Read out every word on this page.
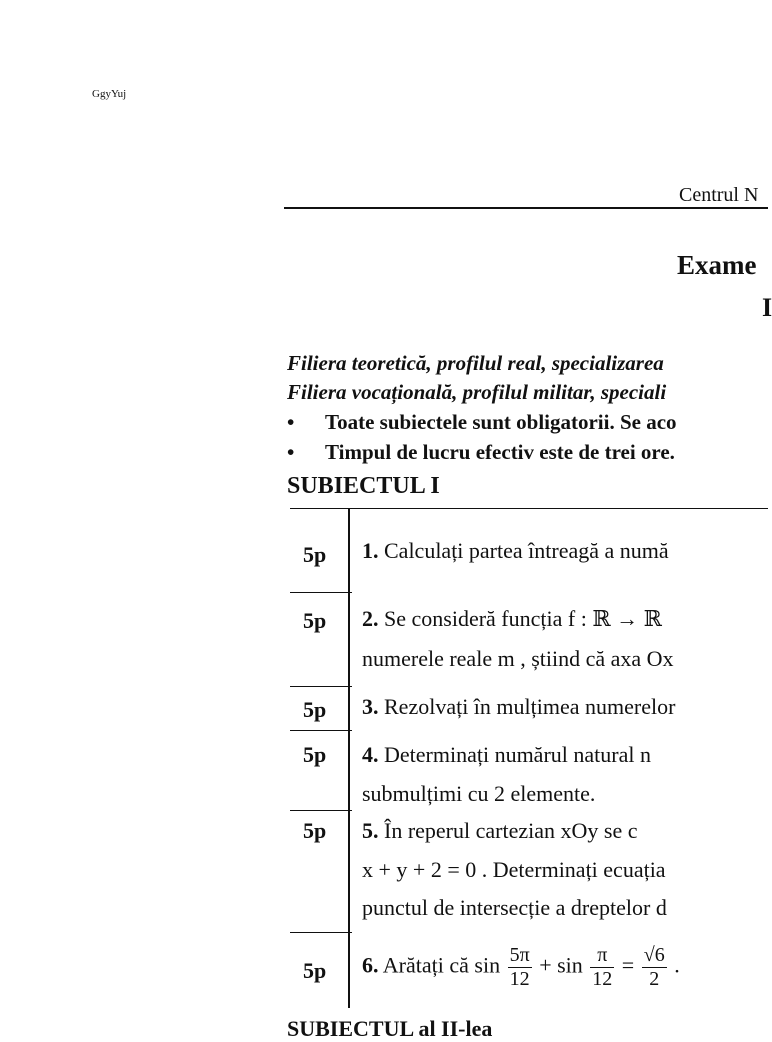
GgyYuj
Centrul N
Exame
I
Filiera teoretică, profilul real, specializarea
Filiera vocațională, profilul militar, speciali
• Toate subiectele sunt obligatorii. Se aco
• Timpul de lucru efectiv este de trei ore.
SUBIECTUL I
5p 1. Calculați partea întreagă a numă
5p 2. Se consideră funcția f : ℝ → ℝ
numerele reale m , știind că axa Ox
5p 3. Rezolvați în mulțimea numerelor
5p 4. Determinați numărul natural n
submulțimi cu 2 elemente.
5p 5. În reperul cartezian xOy se c
x + y + 2 = 0 . Determinați ecuația
punctul de intersecție a dreptelor d
5p 6. Arătați că $\sin \frac{5\pi}{12} + \sin \frac{\pi}{12} = \frac{√6}{2}$ .
SUBIECTUL al II-lea
